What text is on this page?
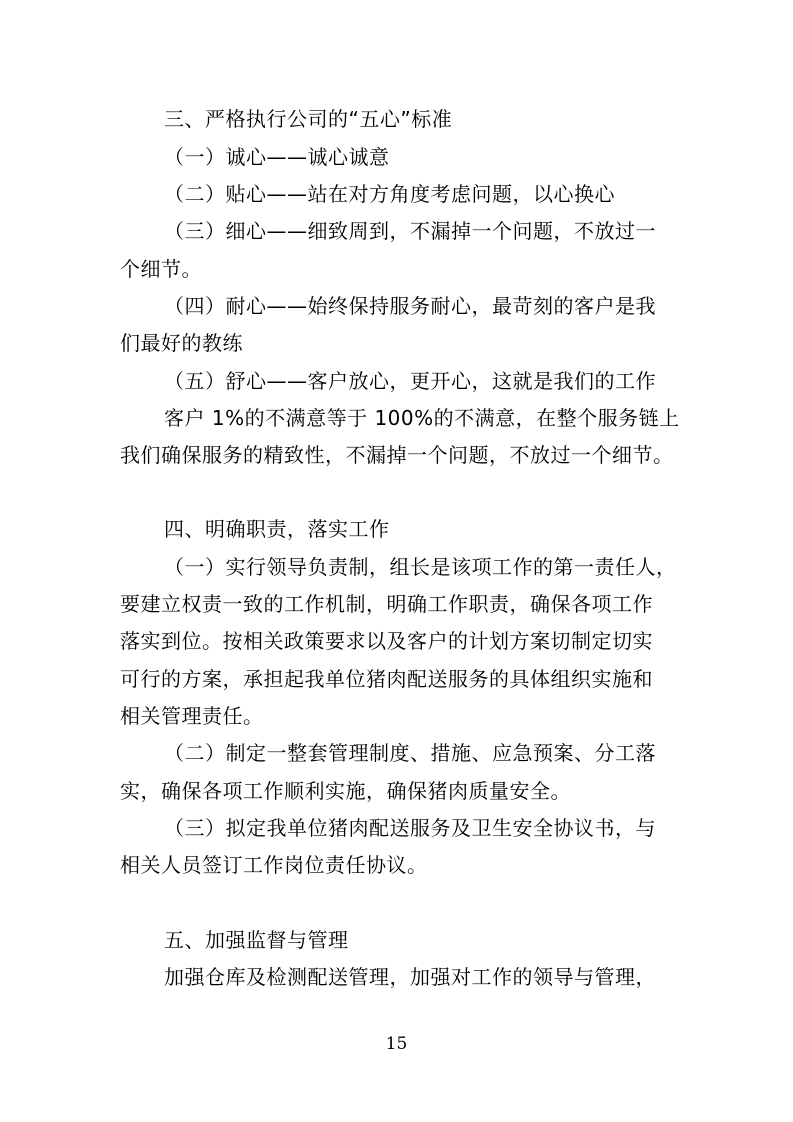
三、严格执行公司的“五心”标准
（一）诚心——诚心诚意
（二）贴心——站在对方角度考虑问题，以心换心
（三）细心——细致周到，不漏掉一个问题，不放过一
个细节。
（四）耐心——始终保持服务耐心，最苛刻的客户是我
们最好的教练
（五）舒心——客户放心，更开心，这就是我们的工作
客户 1%的不满意等于 100%的不满意，在整个服务链上
我们确保服务的精致性，不漏掉一个问题，不放过一个细节。
四、明确职责，落实工作
（一）实行领导负责制，组长是该项工作的第一责任人，
要建立权责一致的工作机制，明确工作职责，确保各项工作
落实到位。按相关政策要求以及客户的计划方案切制定切实
可行的方案，承担起我单位猪肉配送服务的具体组织实施和
相关管理责任。
（二）制定一整套管理制度、措施、应急预案、分工落
实，确保各项工作顺利实施，确保猪肉质量安全。
（三）拟定我单位猪肉配送服务及卫生安全协议书，与
相关人员签订工作岗位责任协议。
五、加强监督与管理
加强仓库及检测配送管理，加强对工作的领导与管理，
15
